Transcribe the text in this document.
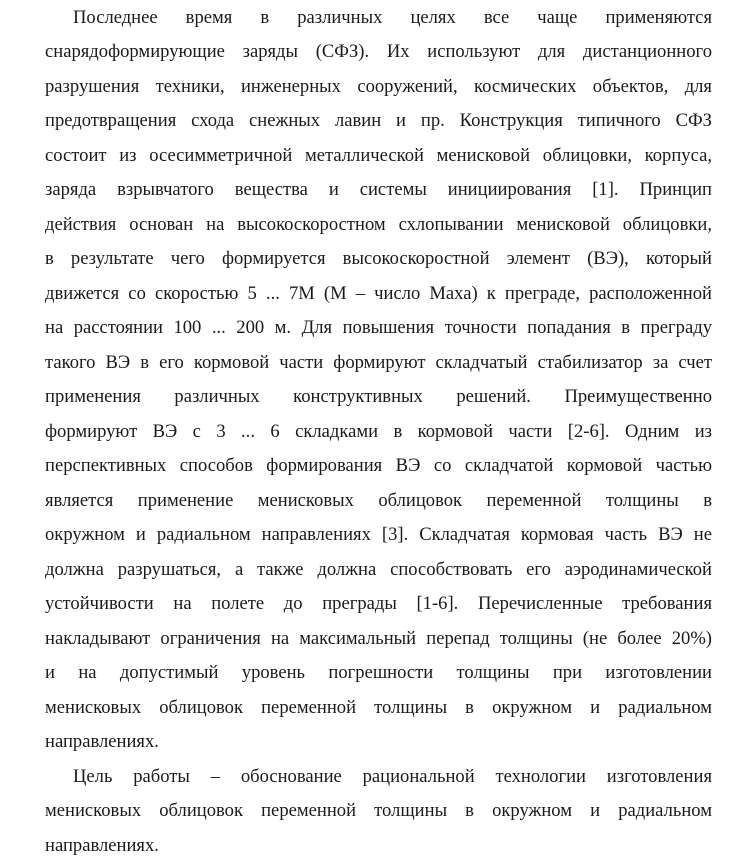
Последнее время в различных целях все чаще применяются
снарядоформирующие заряды (СФЗ). Их используют для дистанционного
разрушения техники, инженерных сооружений, космических объектов, для
предотвращения схода снежных лавин и пр. Конструкция типичного СФЗ
состоит из осесимметричной металлической менисковой облицовки, корпуса,
заряда взрывчатого вещества и системы инициирования [1]. Принцип
действия основан на высокоскоростном схлопывании менисковой облицовки,
в результате чего формируется высокоскоростной элемент (ВЭ), который
движется со скоростью 5 ... 7М (М – число Маха) к преграде, расположенной
на расстоянии 100 ... 200 м. Для повышения точности попадания в преграду
такого ВЭ в его кормовой части формируют складчатый стабилизатор за счет
применения различных конструктивных решений. Преимущественно
формируют ВЭ с 3 ... 6 складками в кормовой части [2-6]. Одним из
перспективных способов формирования ВЭ со складчатой кормовой частью
является применение менисковых облицовок переменной толщины в
окружном и радиальном направлениях [3]. Складчатая кормовая часть ВЭ не
должна разрушаться, а также должна способствовать его аэродинамической
устойчивости на полете до преграды [1-6]. Перечисленные требования
накладывают ограничения на максимальный перепад толщины (не более 20%)
и на допустимый уровень погрешности толщины при изготовлении
менисковых облицовок переменной толщины в окружном и радиальном
направлениях.
Цель работы – обоснование рациональной технологии изготовления
менисковых облицовок переменной толщины в окружном и радиальном
направлениях.
